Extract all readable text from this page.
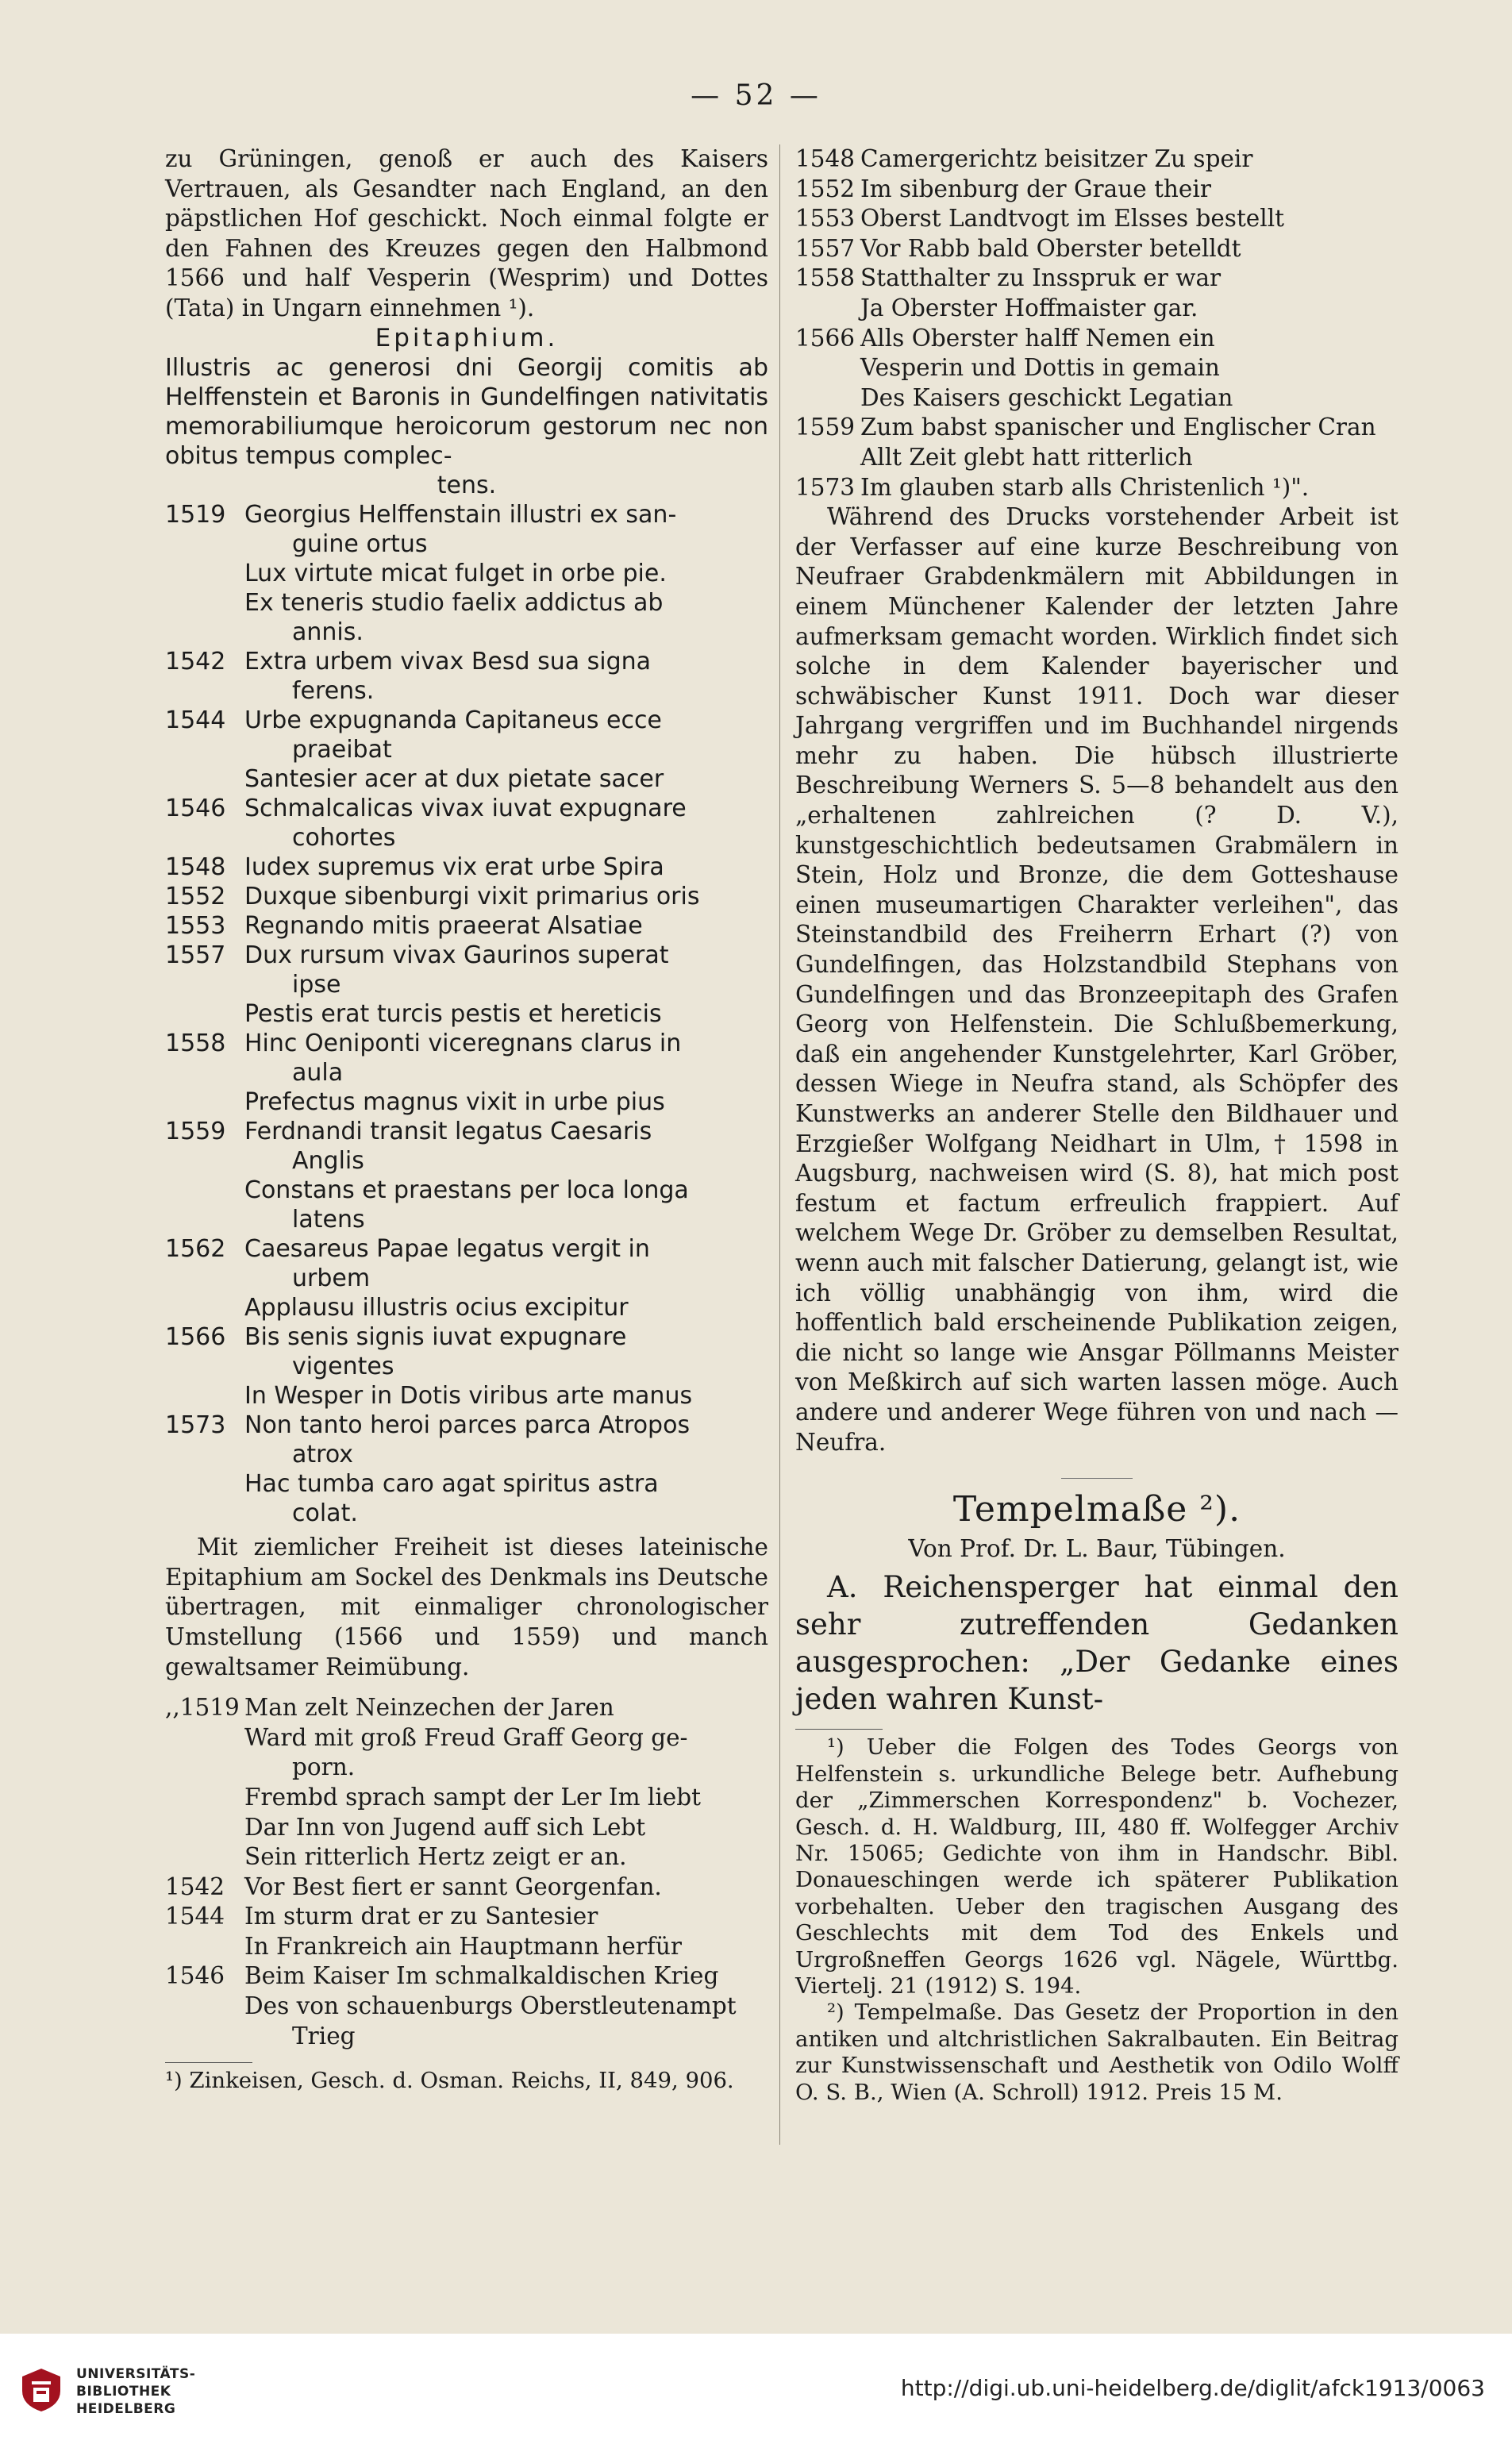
— 52 —

zu Grüningen, genoß er auch des Kaisers Vertrauen, als Gesandter nach England, an den päpstlichen Hof geschickt. Noch einmal folgte er den Fahnen des Kreuzes gegen den Halbmond 1566 und half Vesperin (Wesprim) und Dottes (Tata) in Ungarn einnehmen ¹).

Epitaphium.

Illustris ac generosi dni Georgij comitis ab Helffenstein et Baronis in Gundelfingen nativitatis memorabiliumque heroicorum gestorum nec non obitus tempus complec-

tens.

1519 Georgius Helffenstain illustri ex san-
guine ortus
Lux virtute micat fulget in orbe pie.
Ex teneris studio faelix addictus ab
annis.
1542 Extra urbem vivax Besd sua signa
ferens.
1544 Urbe expugnanda Capitaneus ecce
praeibat
Santesier acer at dux pietate sacer
1546 Schmalcalicas vivax iuvat expugnare
cohortes
1548 Iudex supremus vix erat urbe Spira
1552 Duxque sibenburgi vixit primarius oris
1553 Regnando mitis praeerat Alsatiae
1557 Dux rursum vivax Gaurinos superat
ipse
Pestis erat turcis pestis et hereticis
1558 Hinc Oeniponti viceregnans clarus in
aula
Prefectus magnus vixit in urbe pius
1559 Ferdnandi transit legatus Caesaris
Anglis
Constans et praestans per loca longa
latens
1562 Caesareus Papae legatus vergit in
urbem
Applausu illustris ocius excipitur
1566 Bis senis signis iuvat expugnare
vigentes
In Wesper in Dotis viribus arte manus
1573 Non tanto heroi parces parca Atropos
atrox
Hac tumba caro agat spiritus astra
colat.

Mit ziemlicher Freiheit ist dieses lateinische Epitaphium am Sockel des Denkmals ins Deutsche übertragen, mit einmaliger chronologischer Umstellung (1566 und 1559) und manch gewaltsamer Reimübung.

,,1519 Man zelt Neinzechen der Jaren
Ward mit groß Freud Graff Georg ge-
porn.
Frembd sprach sampt der Ler Im liebt
Dar Inn von Jugend auff sich Lebt
Sein ritterlich Hertz zeigt er an.
1542 Vor Best fiert er sannt Georgenfan.
1544 Im sturm drat er zu Santesier
In Frankreich ain Hauptmann herfür
1546 Beim Kaiser Im schmalkaldischen Krieg
Des von schauenburgs Oberstleutenampt
Trieg

¹) Zinkeisen, Gesch. d. Osman. Reichs, II, 849, 906.

1548 Camergerichtz beisitzer Zu speir
1552 Im sibenburg der Graue their
1553 Oberst Landtvogt im Elsses bestellt
1557 Vor Rabb bald Oberster betelldt
1558 Statthalter zu Insspruk er war
Ja Oberster Hoffmaister gar.
1566 Alls Oberster halff Nemen ein
Vesperin und Dottis in gemain
Des Kaisers geschickt Legatian
1559 Zum babst spanischer und Englischer Cran
Allt Zeit glebt hatt ritterlich
1573 Im glauben starb alls Christenlich ¹)".

Während des Drucks vorstehender Arbeit ist der Verfasser auf eine kurze Beschreibung von Neufraer Grabdenkmälern mit Abbildungen in einem Münchener Kalender der letzten Jahre aufmerksam gemacht worden. Wirklich findet sich solche in dem Kalender bayerischer und schwäbischer Kunst 1911. Doch war dieser Jahrgang vergriffen und im Buchhandel nirgends mehr zu haben. Die hübsch illustrierte Beschreibung Werners S. 5—8 behandelt aus den „erhaltenen zahlreichen (? D. V.), kunstgeschichtlich bedeutsamen Grabmälern in Stein, Holz und Bronze, die dem Gotteshause einen museumartigen Charakter verleihen", das Steinstandbild des Freiherrn Erhart (?) von Gundelfingen, das Holzstandbild Stephans von Gundelfingen und das Bronzeepitaph des Grafen Georg von Helfenstein. Die Schlußbemerkung, daß ein angehender Kunstgelehrter, Karl Gröber, dessen Wiege in Neufra stand, als Schöpfer des Kunstwerks an anderer Stelle den Bildhauer und Erzgießer Wolfgang Neidhart in Ulm, † 1598 in Augsburg, nachweisen wird (S. 8), hat mich post festum et factum erfreulich frappiert. Auf welchem Wege Dr. Gröber zu demselben Resultat, wenn auch mit falscher Datierung, gelangt ist, wie ich völlig unabhängig von ihm, wird die hoffentlich bald erscheinende Publikation zeigen, die nicht so lange wie Ansgar Pöllmanns Meister von Meßkirch auf sich warten lassen möge. Auch andere und anderer Wege führen von und nach — Neufra.

Tempelmaße ²).

Von Prof. Dr. L. Baur, Tübingen.

A. Reichensperger hat einmal den sehr zutreffenden Gedanken ausgesprochen: „Der Gedanke eines jeden wahren Kunst-

¹) Ueber die Folgen des Todes Georgs von Helfenstein s. urkundliche Belege betr. Aufhebung der „Zimmerschen Korrespondenz" b. Vochezer, Gesch. d. H. Waldburg, III, 480 ff. Wolfegger Archiv Nr. 15065; Gedichte von ihm in Handschr. Bibl. Donaueschingen werde ich späterer Publikation vorbehalten. Ueber den tragischen Ausgang des Geschlechts mit dem Tod des Enkels und Urgroßneffen Georgs 1626 vgl. Nägele, Württbg. Viertelj. 21 (1912) S. 194.

²) Tempelmaße. Das Gesetz der Proportion in den antiken und altchristlichen Sakralbauten. Ein Beitrag zur Kunstwissenschaft und Aesthetik von Odilo Wolff O. S. B., Wien (A. Schroll) 1912. Preis 15 M.

UNIVERSITÄTS-
BIBLIOTHEK
HEIDELBERG
http://digi.ub.uni-heidelberg.de/diglit/afck1913/0063
